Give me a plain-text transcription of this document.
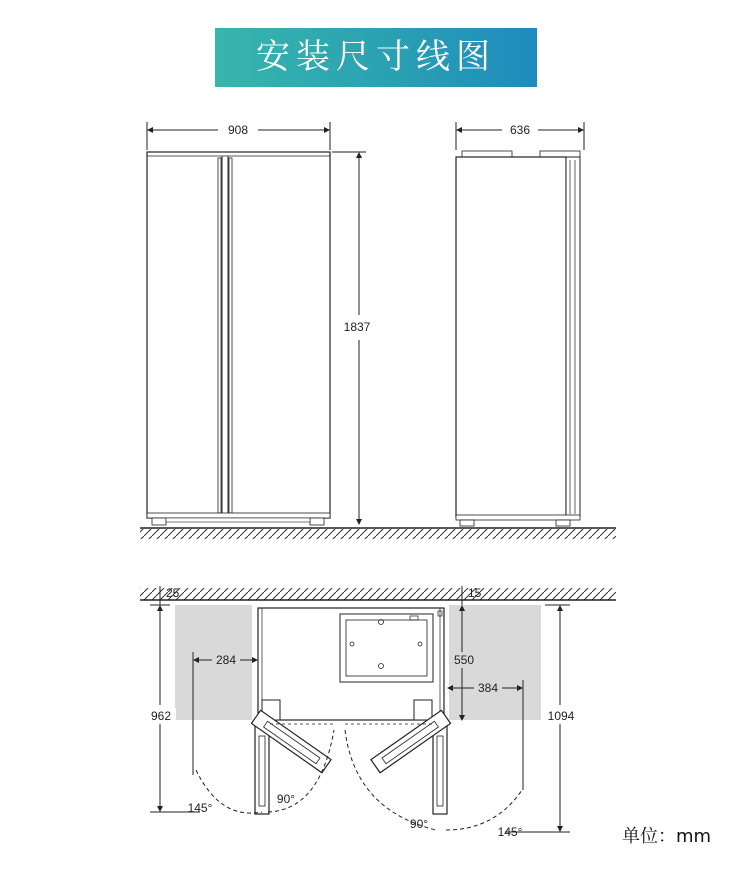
安装尺寸线图
908
1837
636
25	15
284
962
90°
145°
550
384
1094
90°
145°	单位：mm
